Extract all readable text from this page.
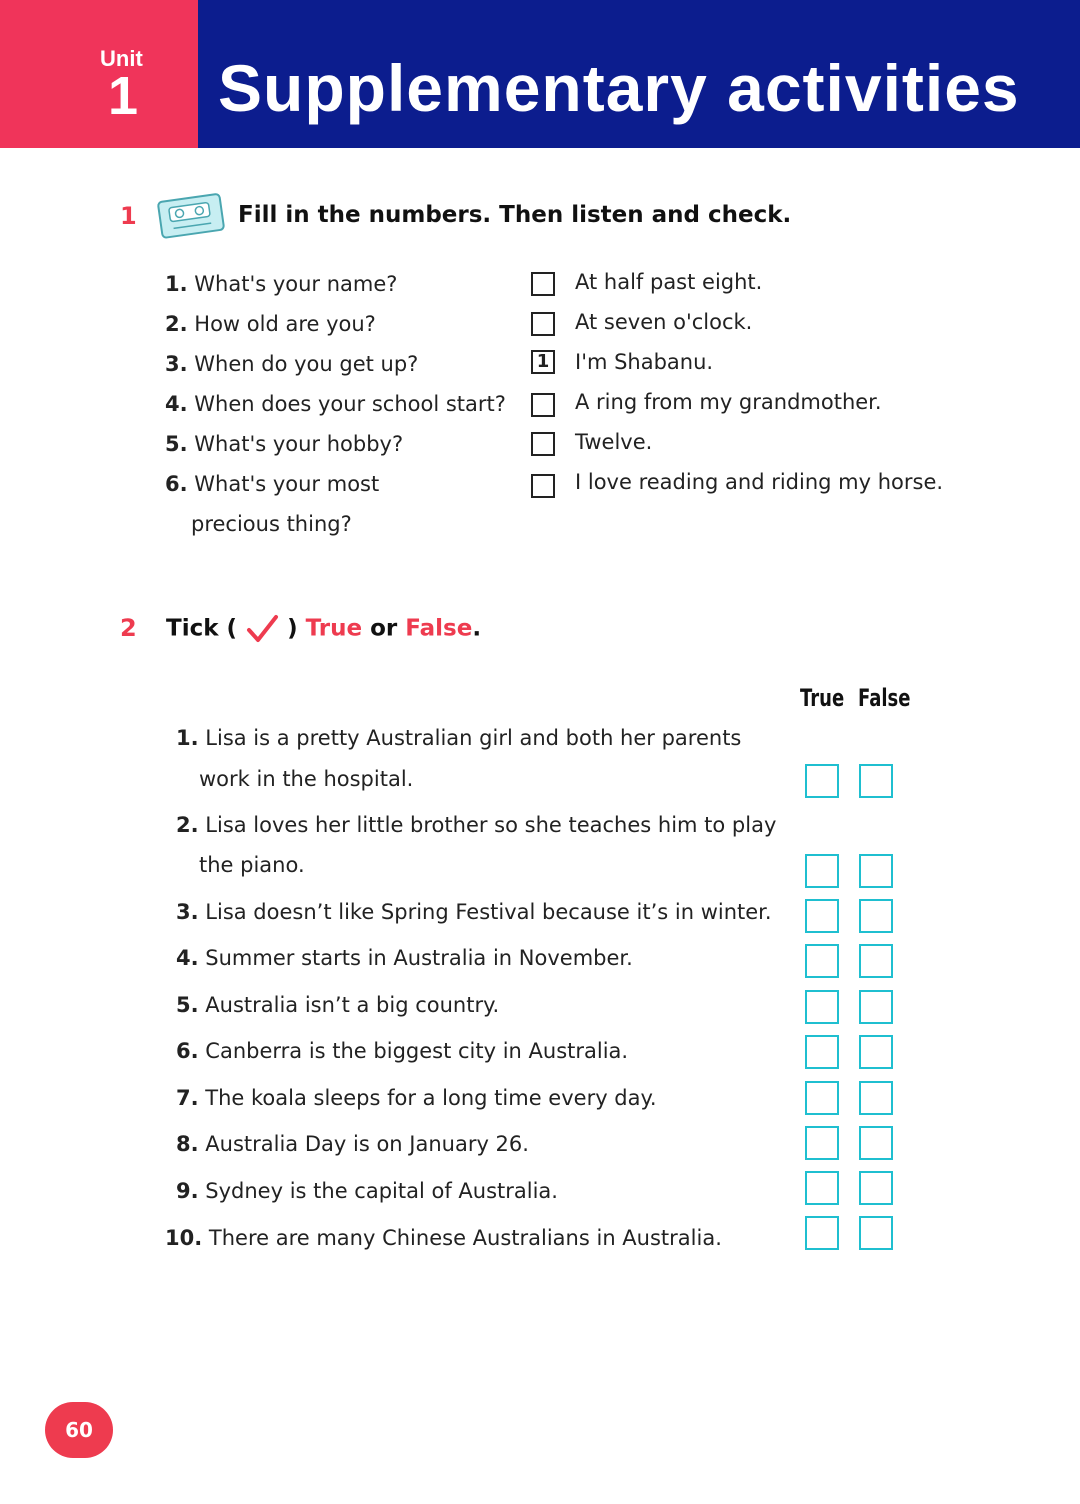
Unit
1 Supplementary activities
1	Fill in the numbers. Then listen and check.
1. What's your name?
2. How old are you?
3. When do you get up?
4. When does your school start?
5. What's your hobby?
6. What's your most
precious thing?
At half past eight.
At seven o'clock.
1 I'm Shabanu.
A ring from my grandmother.
Twelve.
I love reading and riding my horse.
2 Tick ( ) True or False.
True False
1. Lisa is a pretty Australian girl and both her parents
work in the hospital.
2. Lisa loves her little brother so she teaches him to play
the piano.
3. Lisa doesn’t like Spring Festival because it’s in winter.
4. Summer starts in Australia in November.
5. Australia isn’t a big country.
6. Canberra is the biggest city in Australia.
7. The koala sleeps for a long time every day.
8. Australia Day is on January 26.
9. Sydney is the capital of Australia.
10. There are many Chinese Australians in Australia.
60
